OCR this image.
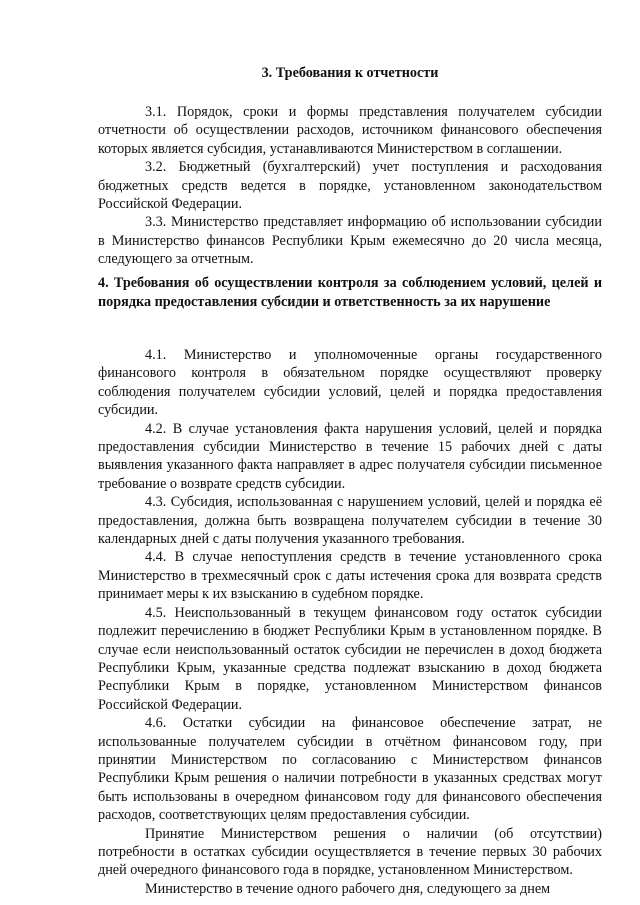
3. Требования к отчетности

3.1. Порядок, сроки и формы представления получателем субсидии отчетности об осуществлении расходов, источником финансового обеспечения которых является субсидия, устанавливаются Министерством в соглашении.

3.2. Бюджетный (бухгалтерский) учет поступления и расходования бюджетных средств ведется в порядке, установленном законодательством Российской Федерации.

3.3. Министерство представляет информацию об использовании субсидии в Министерство финансов Республики Крым ежемесячно до 20 числа месяца, следующего за отчетным.

4. Требования об осуществлении контроля за соблюдением условий, целей и порядка предоставления субсидии и ответственность за их нарушение

4.1. Министерство и уполномоченные органы государственного финансового контроля в обязательном порядке осуществляют проверку соблюдения получателем субсидии условий, целей и порядка предоставления субсидии.

4.2. В случае установления факта нарушения условий, целей и порядка предоставления субсидии Министерство в течение 15 рабочих дней с даты выявления указанного факта направляет в адрес получателя субсидии письменное требование о возврате средств субсидии.

4.3. Субсидия, использованная с нарушением условий, целей и порядка её предоставления, должна быть возвращена получателем субсидии в течение 30 календарных дней с даты получения указанного требования.

4.4. В случае непоступления средств в течение установленного срока Министерство в трехмесячный срок с даты истечения срока для возврата средств принимает меры к их взысканию в судебном порядке.

4.5. Неиспользованный в текущем финансовом году остаток субсидии подлежит перечислению в бюджет Республики Крым в установленном порядке. В случае если неиспользованный остаток субсидии не перечислен в доход бюджета Республики Крым, указанные средства подлежат взысканию в доход бюджета Республики Крым в порядке, установленном Министерством финансов Российской Федерации.

4.6. Остатки субсидии на финансовое обеспечение затрат, не использованные получателем субсидии в отчётном финансовом году, при принятии Министерством по согласованию с Министерством финансов Республики Крым решения о наличии потребности в указанных средствах могут быть использованы в очередном финансовом году для финансового обеспечения расходов, соответствующих целям предоставления субсидии.

Принятие Министерством решения о наличии (об отсутствии) потребности в остатках субсидии осуществляется в течение первых 30 рабочих дней очередного финансового года в порядке, установленном Министерством.

Министерство в течение одного рабочего дня, следующего за днем
